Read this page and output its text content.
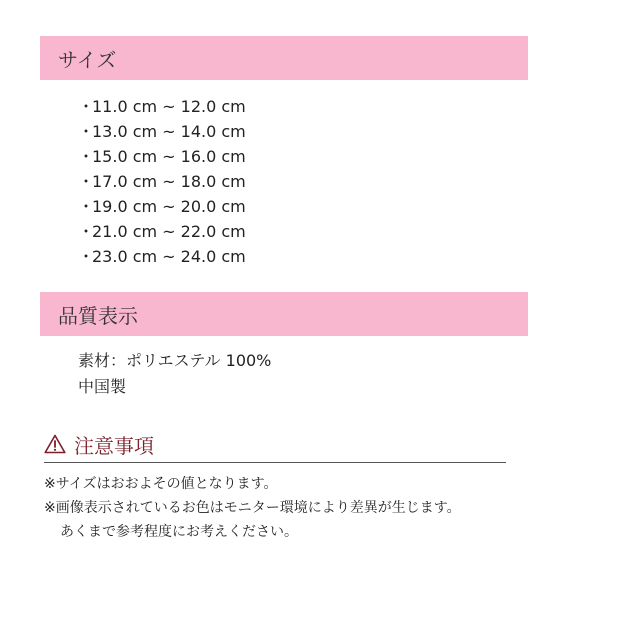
サイズ
・ 11.0 cm ~ 12.0 cm
・ 13.0 cm ~ 14.0 cm
・ 15.0 cm ~ 16.0 cm
・ 17.0 cm ~ 18.0 cm
・ 19.0 cm ~ 20.0 cm
・ 21.0 cm ~ 22.0 cm
・ 23.0 cm ~ 24.0 cm
品質表示
素材：ポリエステル 100%
中国製
注意事項

※サイズはおおよその値となります。

※画像表示されているお色はモニター環境により差異が生じます。

あくまで参考程度にお考えください。
